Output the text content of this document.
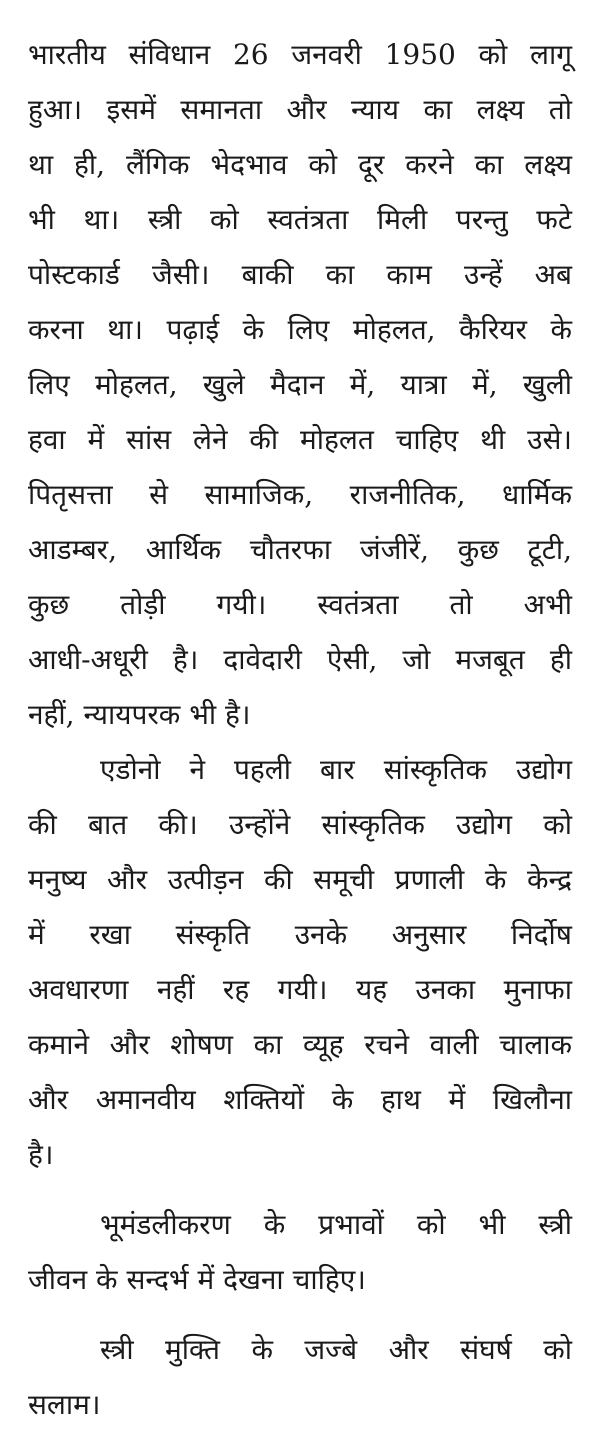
भारतीय संविधान 26 जनवरी 1950 को लागू
हुआ। इसमें समानता और न्याय का लक्ष्य तो
था ही, लैंगिक भेदभाव को दूर करने का लक्ष्य
भी था। स्त्री को स्वतंत्रता मिली परन्तु फटे
पोस्टकार्ड जैसी। बाकी का काम उन्हें अब
करना था। पढ़ाई के लिए मोहलत, कैरियर के
लिए मोहलत, खुले मैदान में, यात्रा में, खुली
हवा में सांस लेने की मोहलत चाहिए थी उसे।
पितृसत्ता से सामाजिक, राजनीतिक, धार्मिक
आडम्बर, आर्थिक चौतरफा जंजीरें, कुछ टूटी,
कुछ तोड़ी गयी। स्वतंत्रता तो अभी
आधी-अधूरी है। दावेदारी ऐसी, जो मजबूत ही
नहीं, न्यायपरक भी है।
एडोनो ने पहली बार सांस्कृतिक उद्योग
की बात की। उन्होंने सांस्कृतिक उद्योग को
मनुष्य और उत्पीड़न की समूची प्रणाली के केन्द्र
में रखा संस्कृति उनके अनुसार निर्दोष
अवधारणा नहीं रह गयी। यह उनका मुनाफा
कमाने और शोषण का व्यूह रचने वाली चालाक
और अमानवीय शक्तियों के हाथ में खिलौना
है।
भूमंडलीकरण के प्रभावों को भी स्त्री
जीवन के सन्दर्भ में देखना चाहिए।
स्त्री मुक्ति के जज्बे और संघर्ष को
सलाम।
